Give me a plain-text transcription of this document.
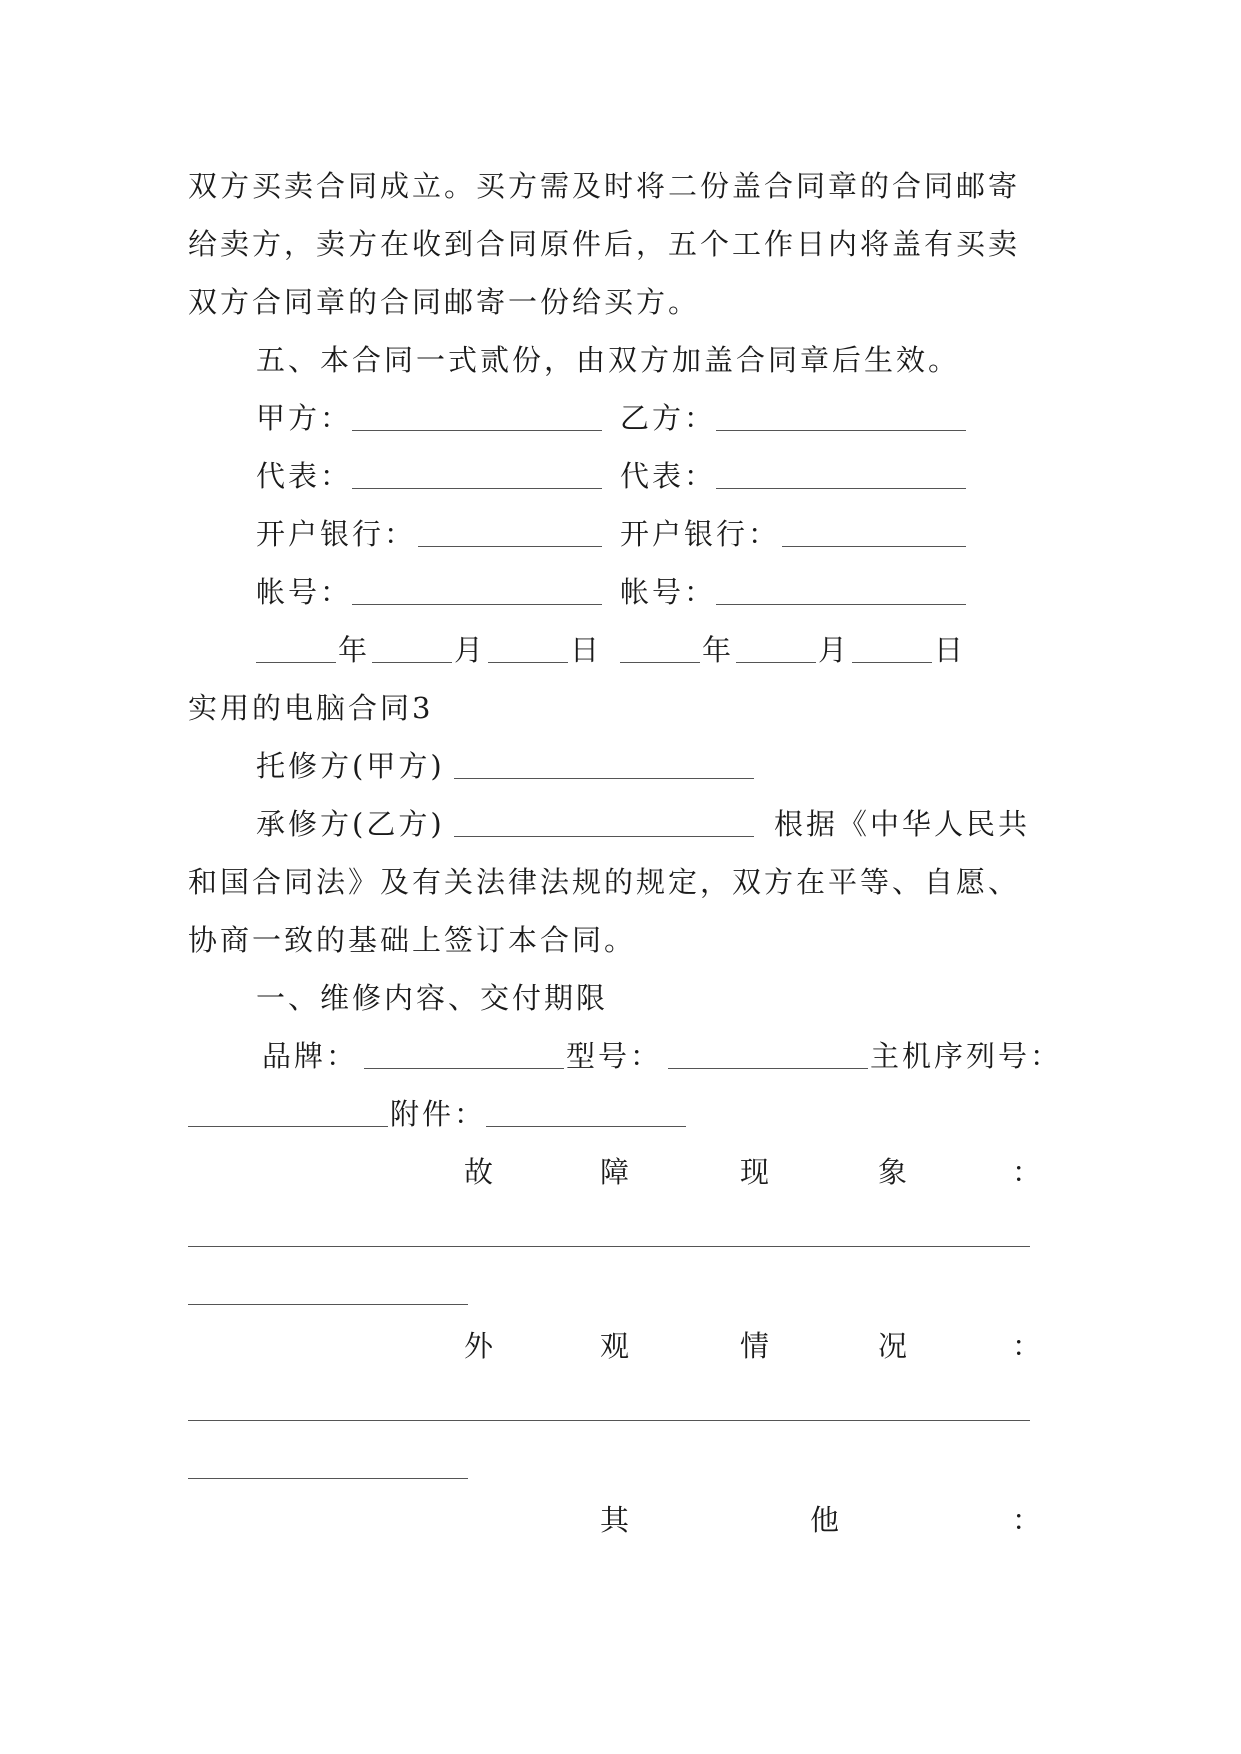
双方买卖合同成立。买方需及时将二份盖合同章的合同邮寄
给卖方，卖方在收到合同原件后，五个工作日内将盖有买卖
双方合同章的合同邮寄一份给买方。
五、本合同一式贰份，由双方加盖合同章后生效。
甲方：	乙方：
代表：	代表：
开户银行：	开户银行：
帐号：	帐号：
年	月	日	年	月	日
实用的电脑合同3
托修方(甲方)
承修方(乙方)	根据《中华人民共
和国合同法》及有关法律法规的规定，双方在平等、自愿、
协商一致的基础上签订本合同。
一、维修内容、交付期限
品牌：	型号：	主机序列号：
附件：
故	障	现	象	：
外	观	情	况	：
其	他	：
